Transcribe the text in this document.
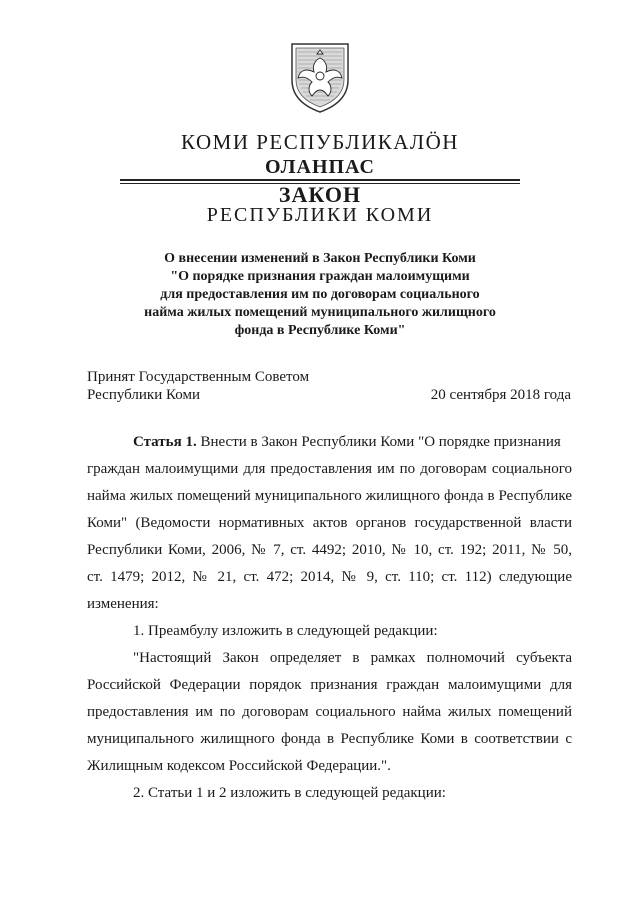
КОМИ РЕСПУБЛИКАЛӦН
ОЛАНПАС
ЗАКОН
РЕСПУБЛИКИ КОМИ
О внесении изменений в Закон Республики Коми
"О порядке признания граждан малоимущими
для предоставления им по договорам социального
найма жилых помещений муниципального жилищного
фонда в Республике Коми"
Принят Государственным Советом
Республики Коми	20 сентября 2018 года
Статья 1. Внести в Закон Республики Коми "О порядке признания
граждан малоимущими для предоставления им по договорам социального
найма жилых помещений муниципального жилищного фонда в Республике
Коми" (Ведомости нормативных актов органов государственной власти
Республики Коми, 2006, № 7, ст. 4492; 2010, № 10, ст. 192; 2011, № 50,
ст. 1479; 2012, № 21, ст. 472; 2014, № 9, ст. 110; ст. 112) следующие
изменения:
1. Преамбулу изложить в следующей редакции:
"Настоящий Закон определяет в рамках полномочий субъекта
Российской Федерации порядок признания граждан малоимущими для
предоставления им по договорам социального найма жилых помещений
муниципального жилищного фонда в Республике Коми в соответствии с
Жилищным кодексом Российской Федерации.".
2. Статьи 1 и 2 изложить в следующей редакции:
